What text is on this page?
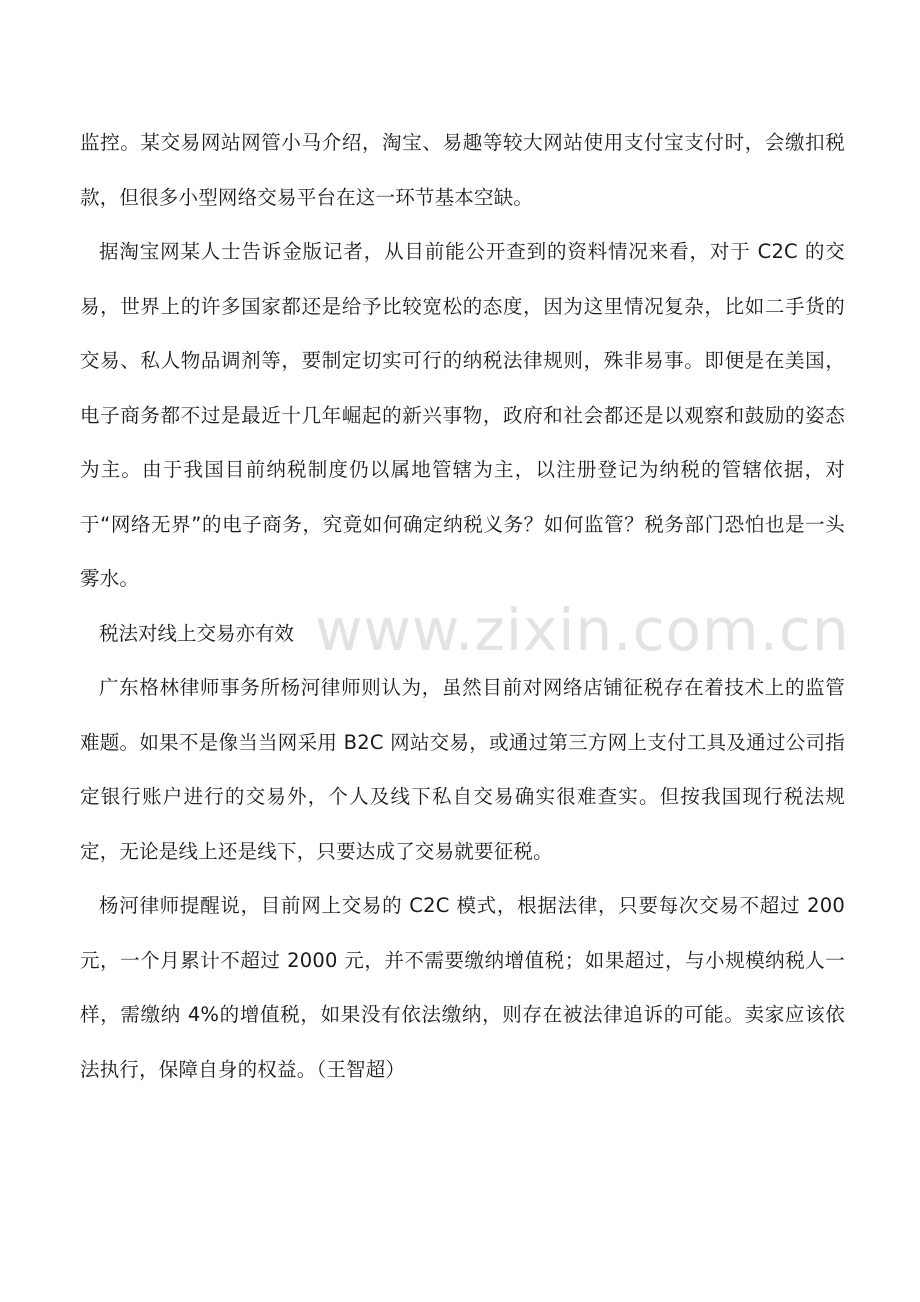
www.zixin.com.cn

监控。某交易网站网管小马介绍，淘宝、易趣等较大网站使用支付宝支付时，会缴扣税款，但很多小型网络交易平台在这一环节基本空缺。

据淘宝网某人士告诉金版记者，从目前能公开查到的资料情况来看，对于 C2C 的交易，世界上的许多国家都还是给予比较宽松的态度，因为这里情况复杂，比如二手货的交易、私人物品调剂等，要制定切实可行的纳税法律规则，殊非易事。即便是在美国，电子商务都不过是最近十几年崛起的新兴事物，政府和社会都还是以观察和鼓励的姿态为主。由于我国目前纳税制度仍以属地管辖为主，以注册登记为纳税的管辖依据，对于“网络无界”的电子商务，究竟如何确定纳税义务？如何监管？税务部门恐怕也是一头雾水。

税法对线上交易亦有效

广东格林律师事务所杨河律师则认为，虽然目前对网络店铺征税存在着技术上的监管难题。如果不是像当当网采用 B2C 网站交易，或通过第三方网上支付工具及通过公司指定银行账户进行的交易外，个人及线下私自交易确实很难查实。但按我国现行税法规定，无论是线上还是线下，只要达成了交易就要征税。

杨河律师提醒说，目前网上交易的 C2C 模式，根据法律，只要每次交易不超过 200 元，一个月累计不超过 2000 元，并不需要缴纳增值税；如果超过，与小规模纳税人一样，需缴纳 4%的增值税，如果没有依法缴纳，则存在被法律追诉的可能。卖家应该依法执行，保障自身的权益。（王智超）
